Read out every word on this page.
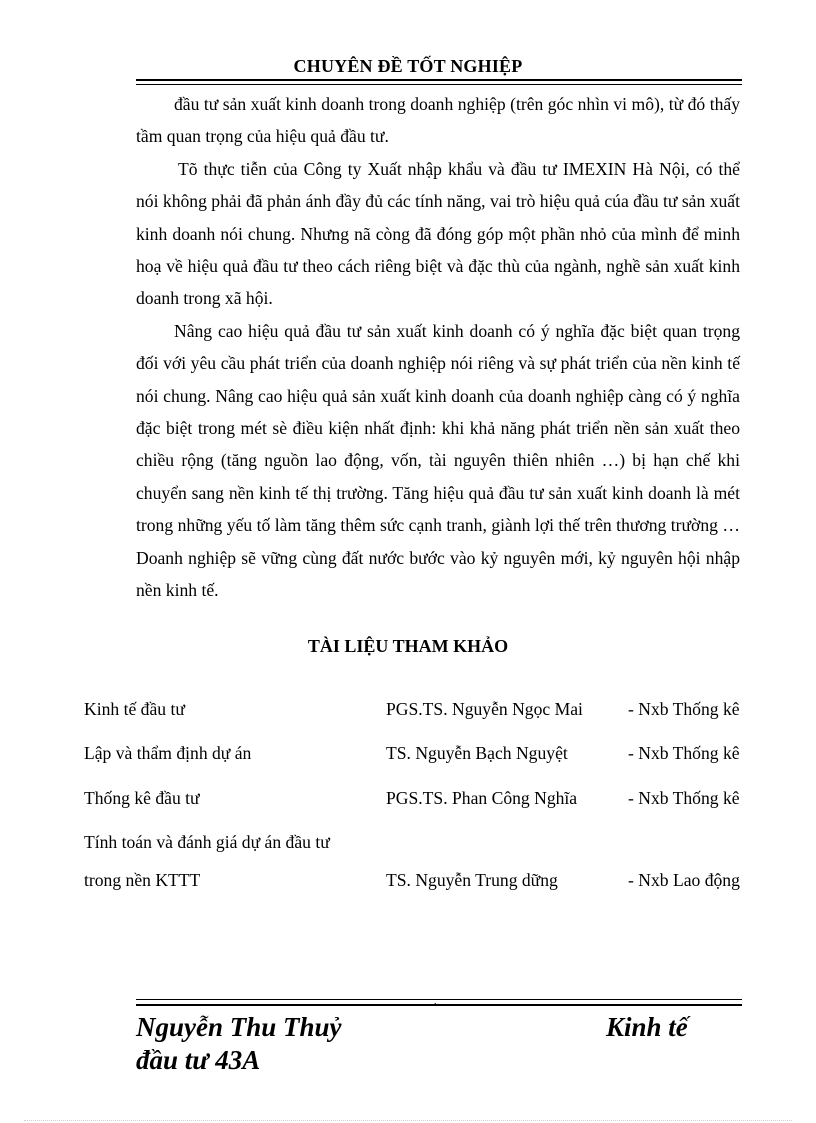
CHUYÊN ĐỀ TỐT NGHIỆP

đầu tư sản xuất kinh doanh trong doanh nghiệp (trên góc nhìn vi mô), từ đó thấy tầm quan trọng của hiệu quả đầu tư.

Tõ thực tiễn của Công ty Xuất nhập khẩu và đầu tư IMEXIN Hà Nội, có thể nói không phải đã phản ánh đầy đủ các tính năng, vai trò hiệu quả cúa đầu tư sản xuất kinh doanh nói chung. Nhưng nã còng đã đóng góp một phần nhỏ của mình để minh hoạ về hiệu quả đầu tư theo cách riêng biệt và đặc thù của ngành, nghề sản xuất kinh doanh trong xã hội.

Nâng cao hiệu quả đầu tư sản xuất kinh doanh có ý nghĩa đặc biệt quan trọng đối với yêu cầu phát triển của doanh nghiệp nói riêng và sự phát triển của nền kinh tế nói chung. Nâng cao hiệu quả sản xuất kinh doanh của doanh nghiệp càng có ý nghĩa đặc biệt trong mét sè điều kiện nhất định: khi khả năng phát triển nền sản xuất theo chiều rộng (tăng nguồn lao động, vốn, tài nguyên thiên nhiên …) bị hạn chế khi chuyển sang nền kinh tế thị trường. Tăng hiệu quả đầu tư sản xuất kinh doanh là mét trong những yếu tố làm tăng thêm sức cạnh tranh, giành lợi thế trên thương trường … Doanh nghiệp sẽ vững cùng đất nước bước vào kỷ nguyên mới, kỷ nguyên hội nhập nền kinh tế.

TÀI LIỆU THAM KHẢO
Kinh tế đầu tư	PGS.TS. Nguyễn Ngọc Mai	- Nxb Thống kê
Lập và thẩm định dự án	TS. Nguyễn Bạch Nguyệt	- Nxb Thống kê
Thống kê đầu tư	PGS.TS. Phan Công Nghĩa	- Nxb Thống kê
Tính toán và đánh giá dự án đầu tư
trong nền KTTT	TS. Nguyễn Trung dững	- Nxb Lao động
,
Nguyễn Thu Thuỷ	Kinh tế
đầu tư 43A
